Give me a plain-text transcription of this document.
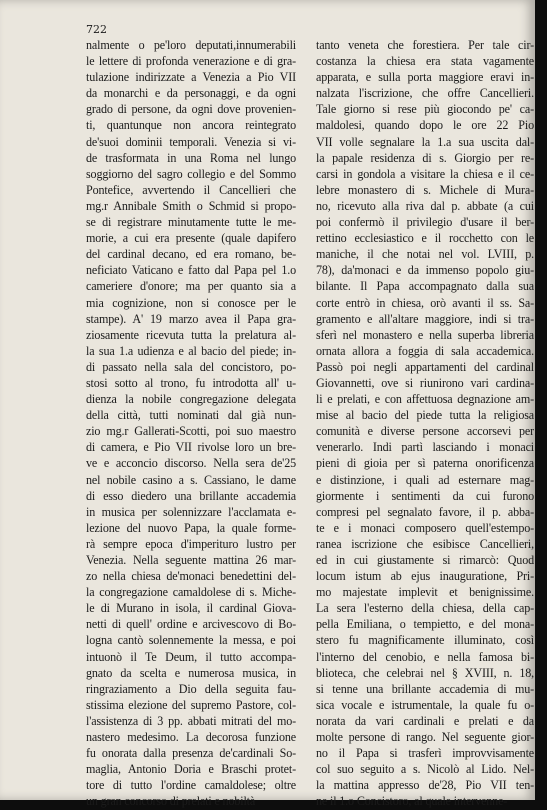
722
nalmente o pe'loro deputati,innumerabili
le lettere di profonda venerazione e di gra-
tulazione indirizzate a Venezia a Pio VII
da monarchi e da personaggi, e da ogni
grado di persone, da ogni dove provenien-
ti, quantunque non ancora reintegrato
de'suoi dominii temporali. Venezia si vi-
de trasformata in una Roma nel lungo
soggiorno del sagro collegio e del Sommo
Pontefice, avvertendo il Cancellieri che
mg.r Annibale Smith o Schmid si propo-
se di registrare minutamente tutte le me-
morie, a cui era presente (quale dapifero
del cardinal decano, ed era romano, be-
neficiato Vaticano e fatto dal Papa pel 1.o
cameriere d'onore; ma per quanto sia a
mia cognizione, non si conosce per le
stampe). A' 19 marzo avea il Papa gra-
ziosamente ricevuta tutta la prelatura al-
la sua 1.a udienza e al bacio del piede; in-
di passato nella sala del concistoro, po-
stosi sotto al trono, fu introdotta all' u-
dienza la nobile congregazione delegata
della città, tutti nominati dal già nun-
zio mg.r Gallerati-Scotti, poi suo maestro
di camera, e Pio VII rivolse loro un bre-
ve e acconcio discorso. Nella sera de'25
nel nobile casino a s. Cassiano, le dame
di esso diedero una brillante accademia
in musica per solennizzare l'acclamata e-
lezione del nuovo Papa, la quale forme-
rà sempre epoca d'imperituro lustro per
Venezia. Nella seguente mattina 26 mar-
zo nella chiesa de'monaci benedettini del-
la congregazione camaldolese di s. Miche-
le di Murano in isola, il cardinal Giova-
netti di quell' ordine e arcivescovo di Bo-
logna cantò solennemente la messa, e poi
intuonò il Te Deum, il tutto accompa-
gnato da scelta e numerosa musica, in
ringraziamento a Dio della seguita fau-
stissima elezione del supremo Pastore, col-
l'assistenza di 3 pp. abbati mitrati del mo-
nastero medesimo. La decorosa funzione
fu onorata dalla presenza de'cardinali So-
maglia, Antonio Doria e Braschi protet-
tore di tutto l'ordine camaldolese; oltre
un gran concorso di prelati e nobiltà
tanto veneta che forestiera. Per tale cir-
costanza la chiesa era stata vagamente
apparata, e sulla porta maggiore eravi in-
nalzata l'iscrizione, che offre Cancellieri.
Tale giorno si rese più giocondo pe' ca-
maldolesi, quando dopo le ore 22 Pio
VII volle segnalare la 1.a sua uscita dal-
la papale residenza di s. Giorgio per re-
carsi in gondola a visitare la chiesa e il ce-
lebre monastero di s. Michele di Mura-
no, ricevuto alla riva dal p. abbate (a cui
poi confermò il privilegio d'usare il ber-
rettino ecclesiastico e il rocchetto con le
maniche, il che notai nel vol. LVIII, p.
78), da'monaci e da immenso popolo giu-
bilante. Il Papa accompagnato dalla sua
corte entrò in chiesa, orò avanti il ss. Sa-
gramento e all'altare maggiore, indi si tra-
sferì nel monastero e nella superba libreria
ornata allora a foggia di sala accademica.
Passò poi negli appartamenti del cardinal
Giovannetti, ove si riunirono vari cardina-
li e prelati, e con affettuosa degnazione am-
mise al bacio del piede tutta la religiosa
comunità e diverse persone accorsevi per
venerarlo. Indi partì lasciando i monaci
pieni di gioia per sì paterna onorificenza
e distinzione, i quali ad esternare mag-
giormente i sentimenti da cui furono
compresi pel segnalato favore, il p. abba-
te e i monaci composero quell'estempo-
ranea iscrizione che esibisce Cancellieri,
ed in cui giustamente si rimarcò: Quod
locum istum ab ejus inauguratione, Pri-
mo majestate implevit et benignissime.
La sera l'esterno della chiesa, della cap-
pella Emiliana, o tempietto, e del mona-
stero fu magnificamente illuminato, così
l'interno del cenobio, e nella famosa bi-
blioteca, che celebrai nel § XVIII, n. 18,
si tenne una brillante accademia di mu-
sica vocale e istrumentale, la quale fu o-
norata da vari cardinali e prelati e da
molte persone di rango. Nel seguente gior-
no il Papa si trasferì improvvisamente
col suo seguito a s. Nicolò al Lido. Nel-
la mattina appresso de'28, Pio VII ten-
ne il 1.o Concistoro, al quale intervenne-
